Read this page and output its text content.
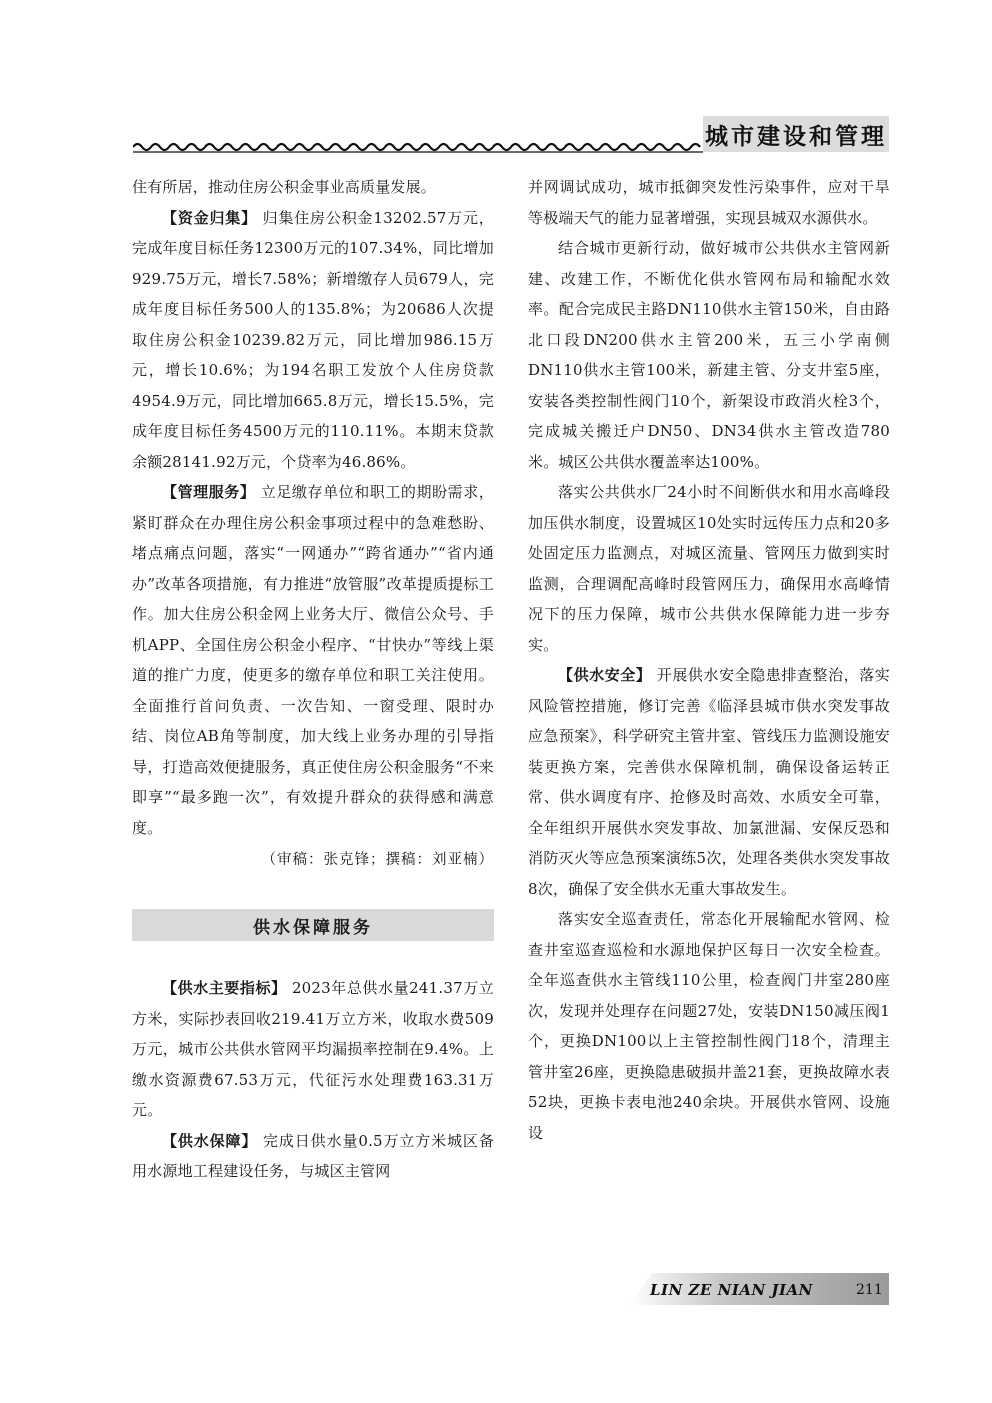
城市建设和管理

住有所居，推动住房公积金事业高质量发展。

【资金归集】 归集住房公积金13202.57万元，完成年度目标任务12300万元的107.34%，同比增加929.75万元，增长7.58%；新增缴存人员679人，完成年度目标任务500人的135.8%；为20686人次提取住房公积金10239.82万元，同比增加986.15万元，增长10.6%；为194名职工发放个人住房贷款4954.9万元，同比增加665.8万元，增长15.5%，完成年度目标任务4500万元的110.11%。本期末贷款余额28141.92万元，个贷率为46.86%。

【管理服务】 立足缴存单位和职工的期盼需求，紧盯群众在办理住房公积金事项过程中的急难愁盼、堵点痛点问题，落实“一网通办”“跨省通办”“省内通办”改革各项措施，有力推进“放管服”改革提质提标工作。加大住房公积金网上业务大厅、微信公众号、手机APP、全国住房公积金小程序、“甘快办”等线上渠道的推广力度，使更多的缴存单位和职工关注使用。全面推行首问负责、一次告知、一窗受理、限时办结、岗位AB角等制度，加大线上业务办理的引导指导，打造高效便捷服务，真正使住房公积金服务“不来即享”“最多跑一次”，有效提升群众的获得感和满意度。

（审稿：张克锋；撰稿：刘亚楠）

供水保障服务

【供水主要指标】 2023年总供水量241.37万立方米，实际抄表回收219.41万立方米，收取水费509万元，城市公共供水管网平均漏损率控制在9.4%。上缴水资源费67.53万元，代征污水处理费163.31万元。

【供水保障】 完成日供水量0.5万立方米城区备用水源地工程建设任务，与城区主管网

并网调试成功，城市抵御突发性污染事件，应对干旱等极端天气的能力显著增强，实现县城双水源供水。

结合城市更新行动，做好城市公共供水主管网新建、改建工作，不断优化供水管网布局和输配水效率。配合完成民主路DN110供水主管150米，自由路北口段DN200供水主管200米，五三小学南侧DN110供水主管100米，新建主管、分支井室5座，安装各类控制性阀门10个，新架设市政消火栓3个，完成城关搬迁户DN50、DN34供水主管改造780米。城区公共供水覆盖率达100%。

落实公共供水厂24小时不间断供水和用水高峰段加压供水制度，设置城区10处实时远传压力点和20多处固定压力监测点，对城区流量、管网压力做到实时监测，合理调配高峰时段管网压力，确保用水高峰情况下的压力保障，城市公共供水保障能力进一步夯实。

【供水安全】 开展供水安全隐患排查整治，落实风险管控措施，修订完善《临泽县城市供水突发事故应急预案》，科学研究主管井室、管线压力监测设施安装更换方案，完善供水保障机制，确保设备运转正常、供水调度有序、抢修及时高效、水质安全可靠，全年组织开展供水突发事故、加氯泄漏、安保反恐和消防灭火等应急预案演练5次，处理各类供水突发事故8次，确保了安全供水无重大事故发生。

落实安全巡查责任，常态化开展输配水管网、检查井室巡查巡检和水源地保护区每日一次安全检查。全年巡查供水主管线110公里，检查阀门井室280座次，发现并处理存在问题27处，安装DN150减压阀1个，更换DN100以上主管控制性阀门18个，清理主管井室26座，更换隐患破损井盖21套，更换故障水表52块，更换卡表电池240余块。开展供水管网、设施设

LIN ZE NIAN JIAN	211
